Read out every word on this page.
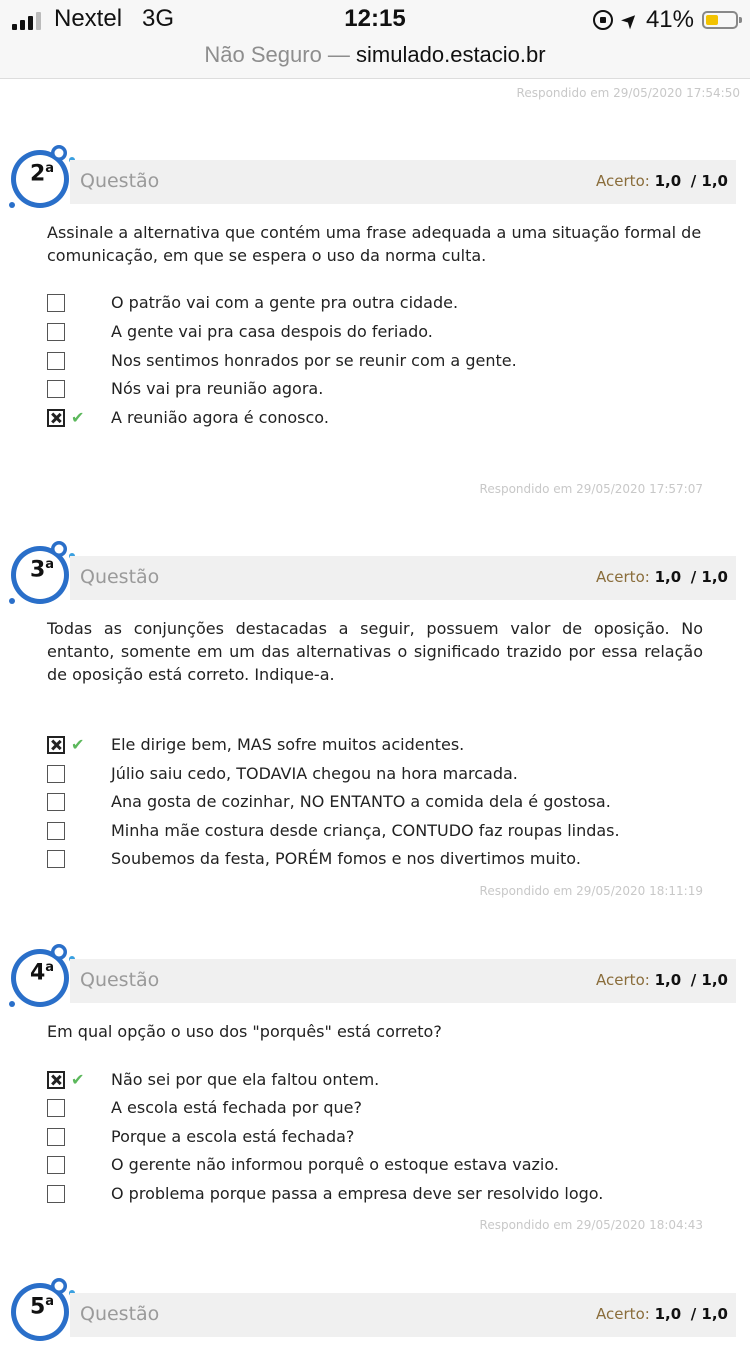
Nextel 3G	12:15	➤ 41%
Não Seguro — simulado.estacio.br
Respondido em 29/05/2020 17:54:50
2$^a$
Questão	Acerto: 1,0 / 1,0
Assinale a alternativa que contém uma frase adequada a uma situação formal de comunicação, em que se espera o uso da norma culta.
O patrão vai com a gente pra outra cidade.
A gente vai pra casa despois do feriado.
Nos sentimos honrados por se reunir com a gente.
Nós vai pra reunião agora.
✔ A reunião agora é conosco.
Respondido em 29/05/2020 17:57:07
3$^a$
Questão	Acerto: 1,0 / 1,0
Todas as conjunções destacadas a seguir, possuem valor de oposição. No entanto, somente em um das alternativas o significado trazido por essa relação de oposição está correto. Indique-a.
✔ Ele dirige bem, MAS sofre muitos acidentes.
Júlio saiu cedo, TODAVIA chegou na hora marcada.
Ana gosta de cozinhar, NO ENTANTO a comida dela é gostosa.
Minha mãe costura desde criança, CONTUDO faz roupas lindas.
Soubemos da festa, PORÉM fomos e nos divertimos muito.
Respondido em 29/05/2020 18:11:19
4$^a$
Questão	Acerto: 1,0 / 1,0
Em qual opção o uso dos "porquês" está correto?
✔ Não sei por que ela faltou ontem.
A escola está fechada por que?
Porque a escola está fechada?
O gerente não informou porquê o estoque estava vazio.
O problema porque passa a empresa deve ser resolvido logo.
Respondido em 29/05/2020 18:04:43
5$^a$
Questão	Acerto: 1,0 / 1,0
